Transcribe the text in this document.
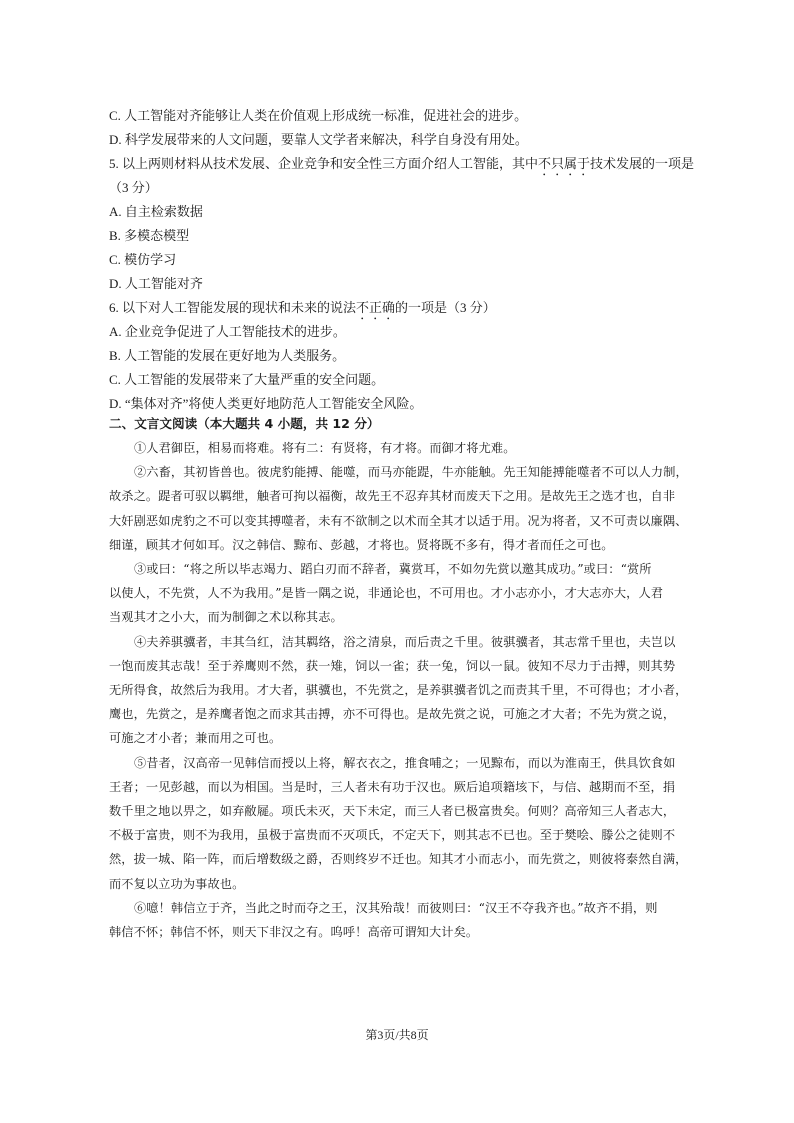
C. 人工智能对齐能够让人类在价值观上形成统一标准，促进社会的进步。
D. 科学发展带来的人文问题，要靠人文学者来解决，科学自身没有用处。
5. 以上两则材料从技术发展、企业竞争和安全性三方面介绍人工智能，其中不只属于技术发展的一项是
（3 分）
A. 自主检索数据
B. 多模态模型
C. 模仿学习
D. 人工智能对齐
6. 以下对人工智能发展的现状和未来的说法不正确的一项是（3 分）
A. 企业竞争促进了人工智能技术的进步。
B. 人工智能的发展在更好地为人类服务。
C. 人工智能的发展带来了大量严重的安全问题。
D. “集体对齐”将使人类更好地防范人工智能安全风险。
二、文言文阅读（本大题共 4 小题，共 12 分）
①人君御臣，相易而将难。将有二：有贤将，有才将。而御才将尤难。
②六畜，其初皆兽也。彼虎豹能搏、能噬，而马亦能踶，牛亦能触。先王知能搏能噬者不可以人力制，
故杀之。踶者可驭以羁绁，触者可拘以福衡，故先王不忍弃其材而废天下之用。是故先王之选才也，自非
大奸剧恶如虎豹之不可以变其搏噬者，未有不欲制之以术而全其才以适于用。况为将者，又不可责以廉隅、
细谨，顾其才何如耳。汉之韩信、黥布、彭越，才将也。贤将既不多有，得才者而任之可也。
③或曰：“将之所以毕志竭力、蹈白刃而不辞者，冀赏耳，不如勿先赏以邀其成功。”或曰：“赏所
以使人，不先赏，人不为我用。”是皆一隅之说，非通论也，不可用也。才小志亦小，才大志亦大，人君
当观其才之小大，而为制御之术以称其志。
④夫养骐骥者，丰其刍红，洁其羁络，浴之清泉，而后责之千里。彼骐骥者，其志常千里也，夫岂以
一饱而废其志哉！至于养鹰则不然，获一雉，饲以一雀；获一兔，饲以一鼠。彼知不尽力于击搏，则其势
无所得食，故然后为我用。才大者，骐骥也，不先赏之，是养骐骥者饥之而责其千里，不可得也；才小者，
鹰也，先赏之，是养鹰者饱之而求其击搏，亦不可得也。是故先赏之说，可施之才大者；不先为赏之说，
可施之才小者；兼而用之可也。
⑤昔者，汉高帝一见韩信而授以上将，解衣衣之，推食哺之；一见黥布，而以为淮南王，供具饮食如
王者；一见彭越，而以为相国。当是时，三人者未有功于汉也。厥后追项籍垓下，与信、越期而不至，捐
数千里之地以畀之，如弃敝屣。项氏未灭，天下未定，而三人者已极富贵矣。何则？高帝知三人者志大，
不极于富贵，则不为我用，虽极于富贵而不灭项氏，不定天下，则其志不已也。至于樊哙、滕公之徒则不
然，拔一城、陷一阵，而后增数级之爵，否则终岁不迁也。知其才小而志小，而先赏之，则彼将泰然自满，
而不复以立功为事故也。
⑥噫！韩信立于齐，当此之时而夺之王，汉其殆哉！而彼则曰：“汉王不夺我齐也。”故齐不捐，则
韩信不怀；韩信不怀，则天下非汉之有。呜呼！高帝可谓知大计矣。
第3页/共8页
